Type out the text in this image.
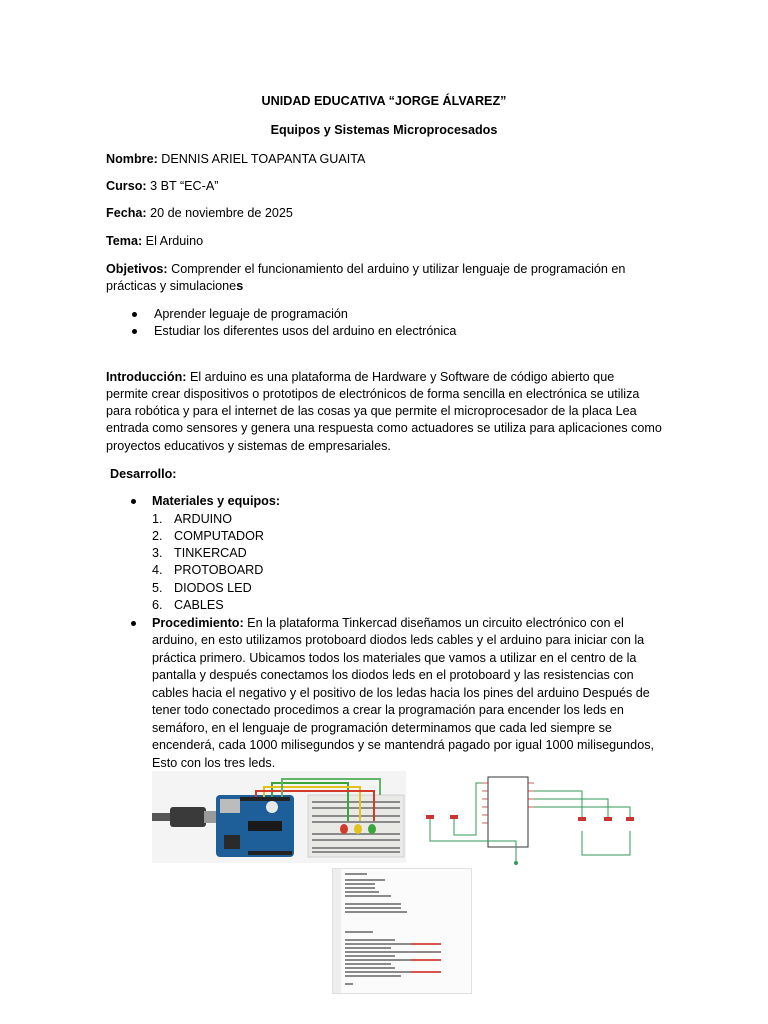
UNIDAD EDUCATIVA “JORGE ÁLVAREZ”
Equipos y Sistemas Microprocesados
Nombre: DENNIS ARIEL TOAPANTA GUAITA
Curso: 3 BT “EC-A”
Fecha: 20 de noviembre de 2025
Tema: El Arduino
Objetivos: Comprender el funcionamiento del arduino y utilizar lenguaje de programación en
prácticas y simulaciones
Aprender leguaje de programación
Estudiar los diferentes usos del arduino en electrónica
Introducción: El arduino es una plataforma de Hardware y Software de código abierto que
permite crear dispositivos o prototipos de electrónicos de forma sencilla en electrónica se utiliza
para robótica y para el internet de las cosas ya que permite el microprocesador de la placa Lea
entrada como sensores y genera una respuesta como actuadores se utiliza para aplicaciones como
proyectos educativos y sistemas de empresariales.
Desarrollo:
Materiales y equipos:
1. ARDUINO
2. COMPUTADOR
3. TINKERCAD
4. PROTOBOARD
5. DIODOS LED
6. CABLES
Procedimiento: En la plataforma Tinkercad diseñamos un circuito electrónico con el
arduino, en esto utilizamos protoboard diodos leds cables y el arduino para iniciar con la
práctica primero. Ubicamos todos los materiales que vamos a utilizar en el centro de la
pantalla y después conectamos los diodos leds en el protoboard y las resistencias con
cables hacia el negativo y el positivo de los ledas hacia los pines del arduino Después de
tener todo conectado procedimos a crear la programación para encender los leds en
semáforo, en el lenguaje de programación determinamos que cada led siempre se
encenderá, cada 1000 milisegundos y se mantendrá pagado por igual 1000 milisegundos,
Esto con los tres leds.
